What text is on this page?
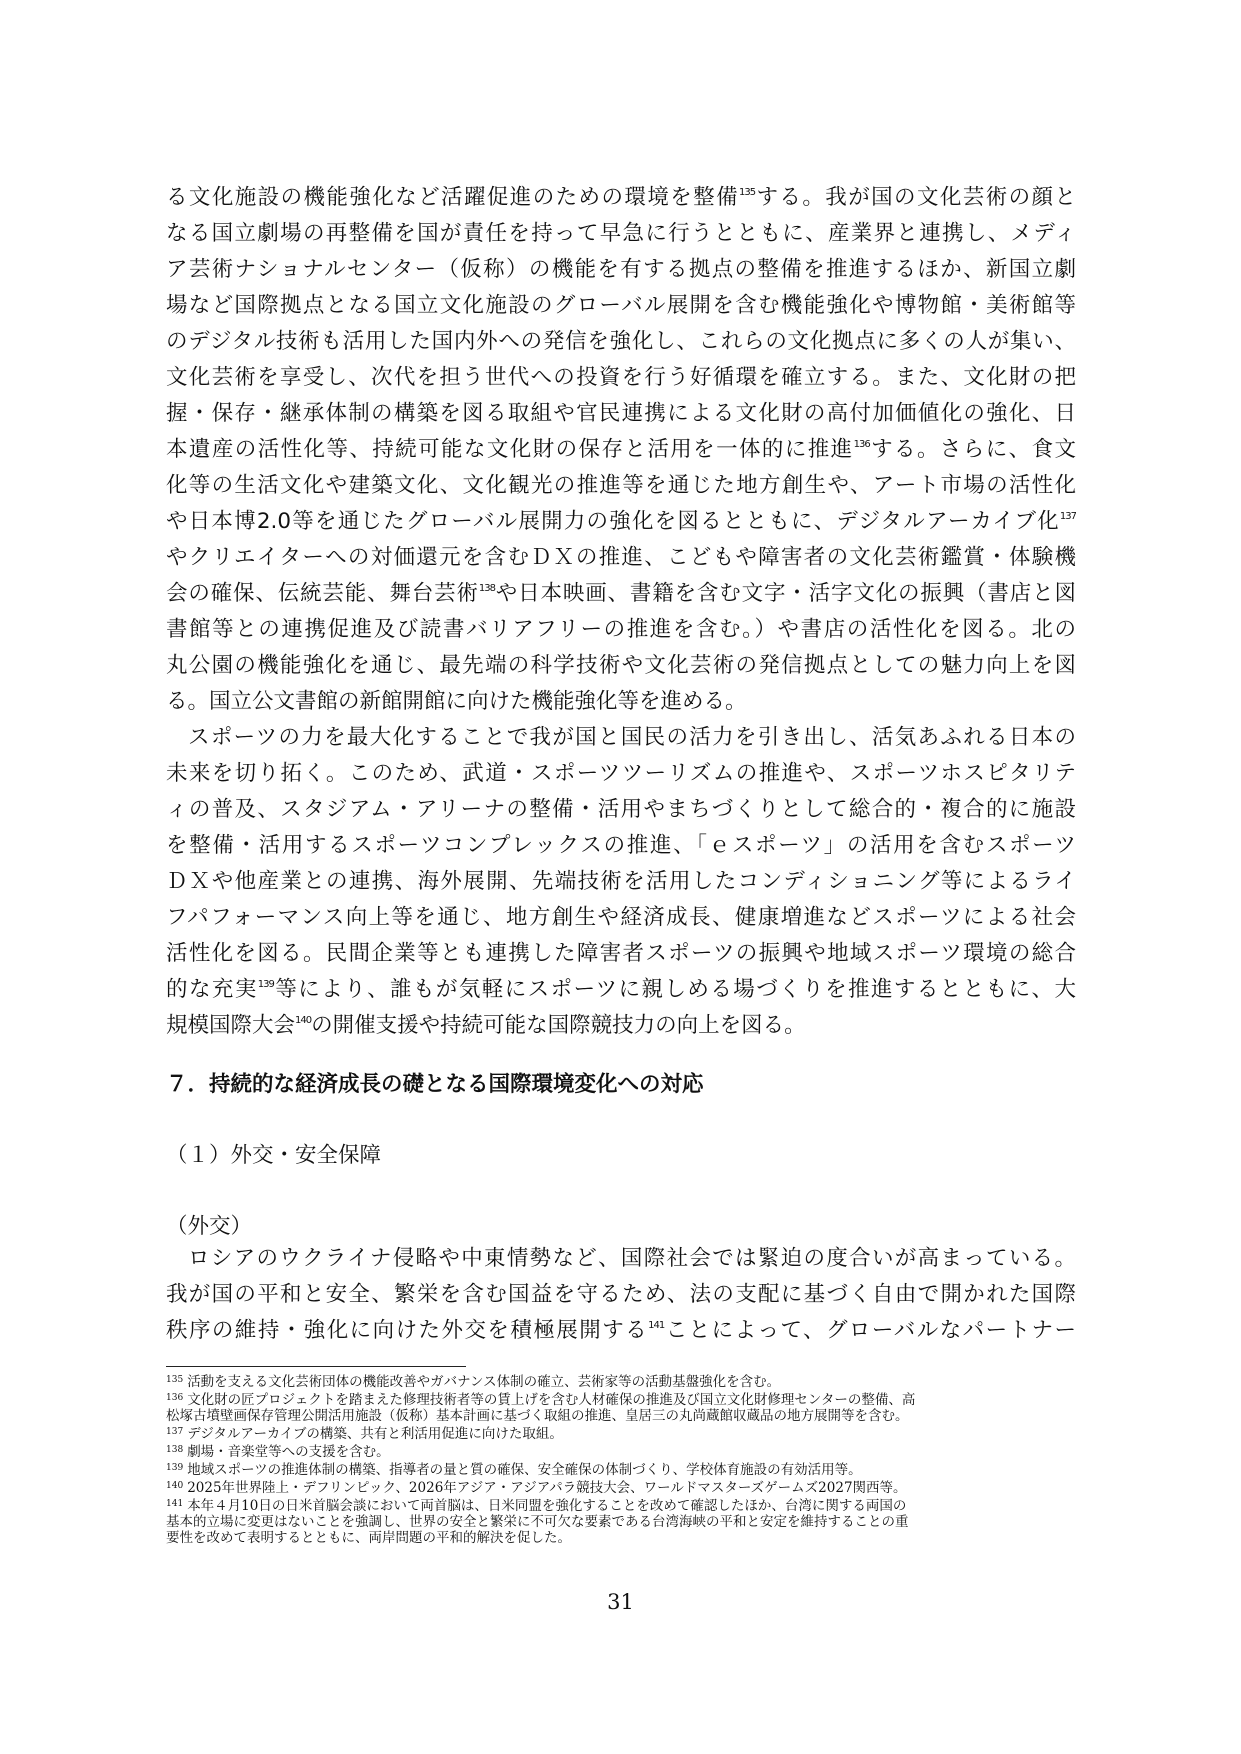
る文化施設の機能強化など活躍促進のための環境を整備$^{135}$する。我が国の文化芸術の顔と
なる国立劇場の再整備を国が責任を持って早急に行うとともに、産業界と連携し、メディ
ア芸術ナショナルセンター（仮称）の機能を有する拠点の整備を推進するほか、新国立劇
場など国際拠点となる国立文化施設のグローバル展開を含む機能強化や博物館・美術館等
のデジタル技術も活用した国内外への発信を強化し、これらの文化拠点に多くの人が集い、
文化芸術を享受し、次代を担う世代への投資を行う好循環を確立する。また、文化財の把
握・保存・継承体制の構築を図る取組や官民連携による文化財の高付加価値化の強化、日
本遺産の活性化等、持続可能な文化財の保存と活用を一体的に推進$^{136}$する。さらに、食文
化等の生活文化や建築文化、文化観光の推進等を通じた地方創生や、アート市場の活性化
や日本博2.0等を通じたグローバル展開力の強化を図るとともに、デジタルアーカイブ化$^{137}$
やクリエイターへの対価還元を含むＤＸの推進、こどもや障害者の文化芸術鑑賞・体験機
会の確保、伝統芸能、舞台芸術$^{138}$や日本映画、書籍を含む文字・活字文化の振興（書店と図
書館等との連携促進及び読書バリアフリーの推進を含む。）や書店の活性化を図る。北の
丸公園の機能強化を通じ、最先端の科学技術や文化芸術の発信拠点としての魅力向上を図
る。国立公文書館の新館開館に向けた機能強化等を進める。
スポーツの力を最大化することで我が国と国民の活力を引き出し、活気あふれる日本の
未来を切り拓く。このため、武道・スポーツツーリズムの推進や、スポーツホスピタリテ
ィの普及、スタジアム・アリーナの整備・活用やまちづくりとして総合的・複合的に施設
を整備・活用するスポーツコンプレックスの推進、「ｅスポーツ」の活用を含むスポーツ
ＤＸや他産業との連携、海外展開、先端技術を活用したコンディショニング等によるライ
フパフォーマンス向上等を通じ、地方創生や経済成長、健康増進などスポーツによる社会
活性化を図る。民間企業等とも連携した障害者スポーツの振興や地域スポーツ環境の総合
的な充実$^{139}$等により、誰もが気軽にスポーツに親しめる場づくりを推進するとともに、大
規模国際大会$^{140}$の開催支援や持続可能な国際競技力の向上を図る。
７．持続的な経済成長の礎となる国際環境変化への対応
（１）外交・安全保障
（外交）
ロシアのウクライナ侵略や中東情勢など、国際社会では緊迫の度合いが高まっている。
我が国の平和と安全、繁栄を含む国益を守るため、法の支配に基づく自由で開かれた国際
秩序の維持・強化に向けた外交を積極展開する$^{141}$ことによって、グローバルなパートナー
$^{135}$ 活動を支える文化芸術団体の機能改善やガバナンス体制の確立、芸術家等の活動基盤強化を含む。
$^{136}$ 文化財の匠プロジェクトを踏まえた修理技術者等の賃上げを含む人材確保の推進及び国立文化財修理センターの整備、高
松塚古墳壁画保存管理公開活用施設（仮称）基本計画に基づく取組の推進、皇居三の丸尚蔵館収蔵品の地方展開等を含む。
$^{137}$ デジタルアーカイブの構築、共有と利活用促進に向けた取組。
$^{138}$ 劇場・音楽堂等への支援を含む。
$^{139}$ 地域スポーツの推進体制の構築、指導者の量と質の確保、安全確保の体制づくり、学校体育施設の有効活用等。
$^{140}$ 2025年世界陸上・デフリンピック、2026年アジア・アジアパラ競技大会、ワールドマスターズゲームズ2027関西等。
$^{141}$ 本年４月10日の日米首脳会談において両首脳は、日米同盟を強化することを改めて確認したほか、台湾に関する両国の
基本的立場に変更はないことを強調し、世界の安全と繁栄に不可欠な要素である台湾海峡の平和と安定を維持することの重
要性を改めて表明するとともに、両岸問題の平和的解決を促した。
31
